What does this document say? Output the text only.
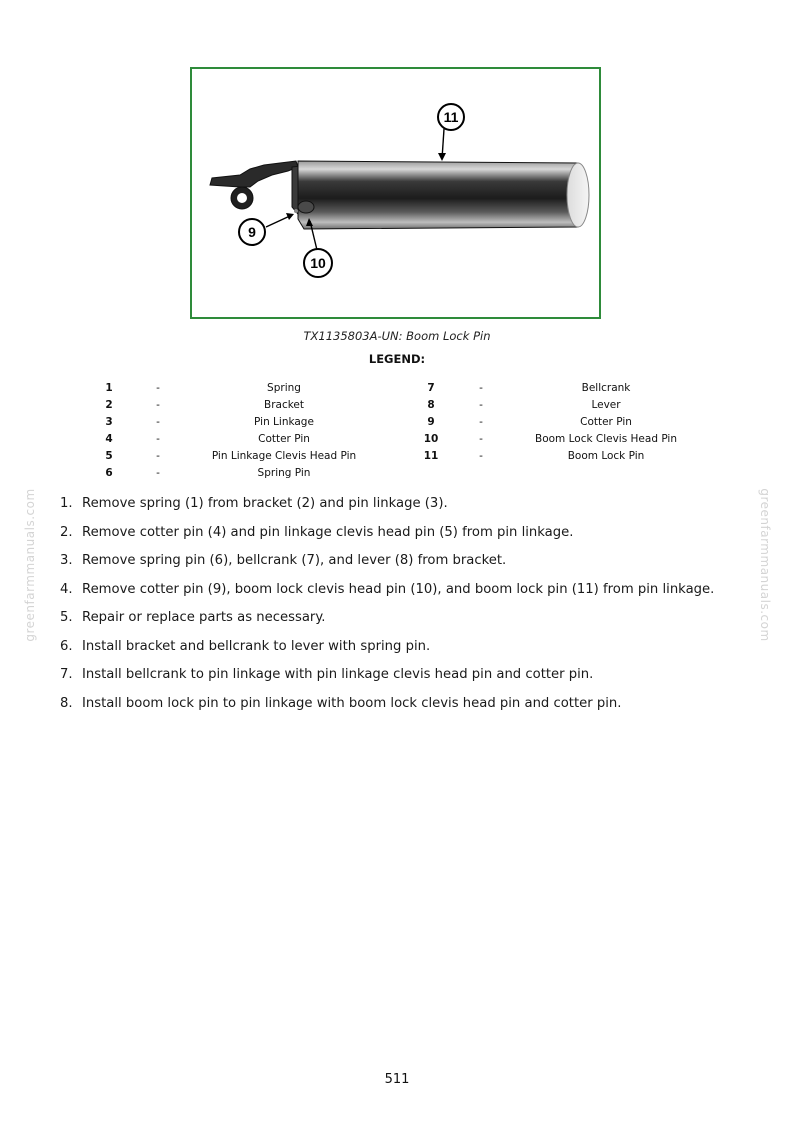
11
9
10
TX1135803A-UN: Boom Lock Pin
LEGEND:
1	-	Spring
2	-	Bracket
3	-	Pin Linkage
4	-	Cotter Pin
5	-	Pin Linkage Clevis Head Pin
6	-	Spring Pin
7	-	Bellcrank
8	-	Lever
9	-	Cotter Pin
10	-	Boom Lock Clevis Head Pin
11	-	Boom Lock Pin
greenfarmmanuals.com	greenfarmmanuals.com
1. Remove spring (1) from bracket (2) and pin linkage (3).
2. Remove cotter pin (4) and pin linkage clevis head pin (5) from pin linkage.
3. Remove spring pin (6), bellcrank (7), and lever (8) from bracket.
4. Remove cotter pin (9), boom lock clevis head pin (10), and boom lock pin (11) from pin linkage.
5. Repair or replace parts as necessary.
6. Install bracket and bellcrank to lever with spring pin.
7. Install bellcrank to pin linkage with pin linkage clevis head pin and cotter pin.
8. Install boom lock pin to pin linkage with boom lock clevis head pin and cotter pin.
511
